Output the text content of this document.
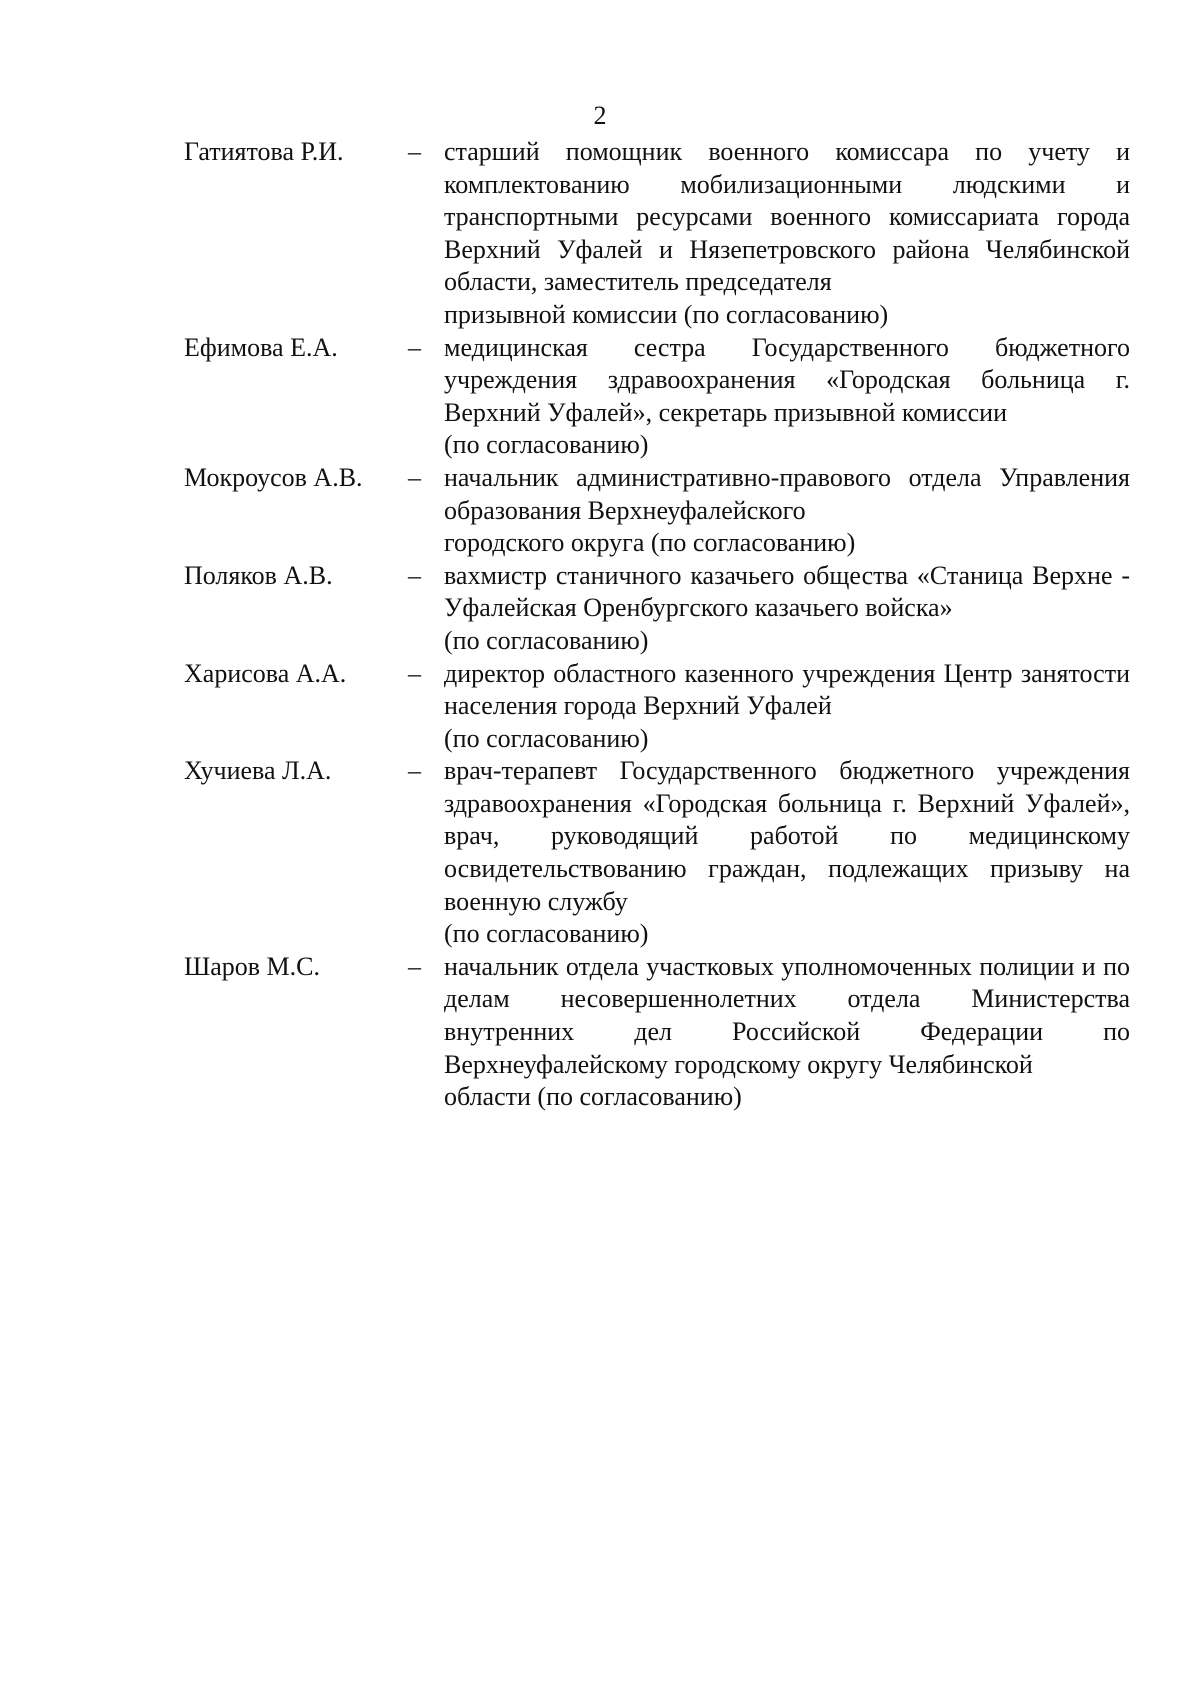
2
Гатиятова Р.И.	– старший помощник военного комиссара по учету и комплектованию мобилизационными людскими и транспортными ресурсами военного комиссариата города Верхний Уфалей и Нязепетровского района Челябинской области, заместитель председателя
призывной комиссии (по согласованию)
Ефимова Е.А.	– медицинская сестра Государственного бюджетного учреждения здравоохранения «Городская больница г. Верхний Уфалей», секретарь призывной комиссии
(по согласованию)
Мокроусов А.В.	– начальник административно-правового отдела Управления образования Верхнеуфалейского
городского округа (по согласованию)
Поляков А.В.	– вахмистр станичного казачьего общества «Станица Верхне - Уфалейская Оренбургского казачьего войска»
(по согласованию)
Харисова А.А.	– директор областного казенного учреждения Центр занятости населения города Верхний Уфалей
(по согласованию)
Хучиева Л.А.	– врач-терапевт Государственного бюджетного учреждения здравоохранения «Городская больница г. Верхний Уфалей», врач, руководящий работой по медицинскому освидетельствованию граждан, подлежащих призыву на военную службу
(по согласованию)
Шаров М.С.	– начальник отдела участковых уполномоченных полиции и по делам несовершеннолетних отдела Министерства внутренних дел Российской Федерации по Верхнеуфалейскому городскому округу Челябинской
области (по согласованию)
